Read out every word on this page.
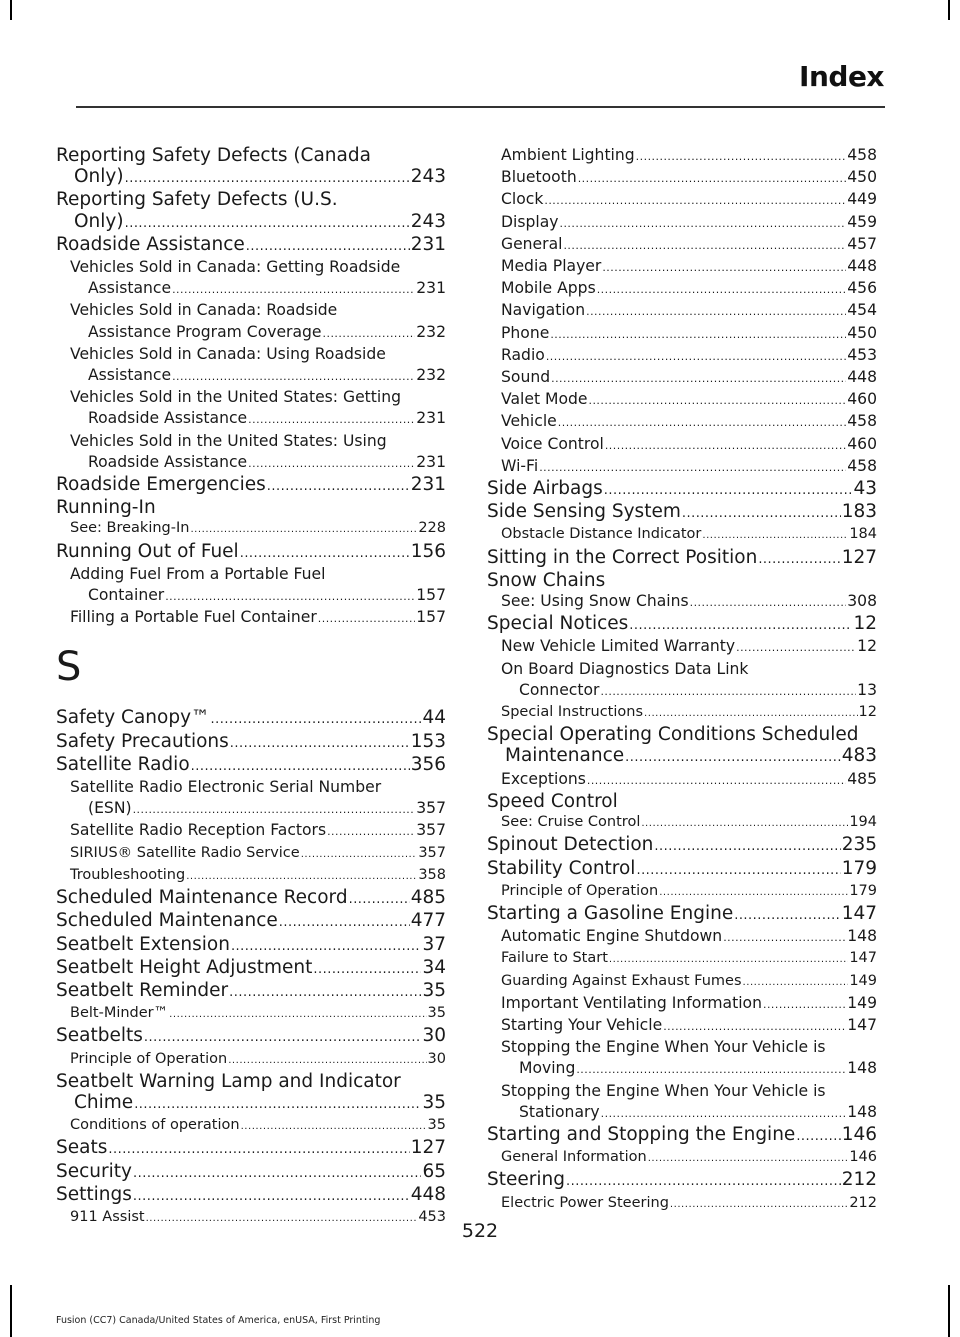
Index
Reporting Safety Defects (Canada
Only) .....	243
Reporting Safety Defects (U.S.
Only) .....	243
Roadside Assistance .....	231
Vehicles Sold in Canada: Getting Roadside
Assistance .....	231
Vehicles Sold in Canada: Roadside
Assistance Program Coverage .....	232
Vehicles Sold in Canada: Using Roadside
Assistance .....	232
Vehicles Sold in the United States: Getting
Roadside Assistance .....	231
Vehicles Sold in the United States: Using
Roadside Assistance .....	231
Roadside Emergencies .....	231
Running-In
See: Breaking-In .....	228
Running Out of Fuel .....	156
Adding Fuel From a Portable Fuel
Container .....	157
Filling a Portable Fuel Container .....	157
S
Safety Canopy™ .....	44
Safety Precautions .....	153
Satellite Radio .....	356
Satellite Radio Electronic Serial Number
(ESN) .....	357
Satellite Radio Reception Factors .....	357
SIRIUS® Satellite Radio Service .....	357
Troubleshooting .....	358
Scheduled Maintenance Record .....	485
Scheduled Maintenance .....	477
Seatbelt Extension .....	37
Seatbelt Height Adjustment .....	34
Seatbelt Reminder .....	35
Belt-Minder™ .....	35
Seatbelts .....	30
Principle of Operation .....	30
Seatbelt Warning Lamp and Indicator
Chime .....	35
Conditions of operation .....	35
Seats .....	127
Security .....	65
Settings .....	448
911 Assist .....	453
Ambient Lighting .....	458
Bluetooth .....	450
Clock .....	449
Display .....	459
General .....	457
Media Player .....	448
Mobile Apps .....	456
Navigation .....	454
Phone .....	450
Radio .....	453
Sound .....	448
Valet Mode .....	460
Vehicle .....	458
Voice Control .....	460
Wi-Fi .....	458
Side Airbags .....	43
Side Sensing System .....	183
Obstacle Distance Indicator .....	184
Sitting in the Correct Position .....	127
Snow Chains
See: Using Snow Chains .....	308
Special Notices .....	12
New Vehicle Limited Warranty .....	12
On Board Diagnostics Data Link
Connector .....	13
Special Instructions .....	12
Special Operating Conditions Scheduled
Maintenance .....	483
Exceptions .....	485
Speed Control
See: Cruise Control .....	194
Spinout Detection .....	235
Stability Control .....	179
Principle of Operation .....	179
Starting a Gasoline Engine .....	147
Automatic Engine Shutdown .....	148
Failure to Start .....	147
Guarding Against Exhaust Fumes .....	149
Important Ventilating Information .....	149
Starting Your Vehicle .....	147
Stopping the Engine When Your Vehicle is
Moving .....	148
Stopping the Engine When Your Vehicle is
Stationary .....	148
Starting and Stopping the Engine .....	146
General Information .....	146
Steering .....	212
Electric Power Steering .....	212
522
Fusion (CC7) Canada/United States of America, enUSA, First Printing
